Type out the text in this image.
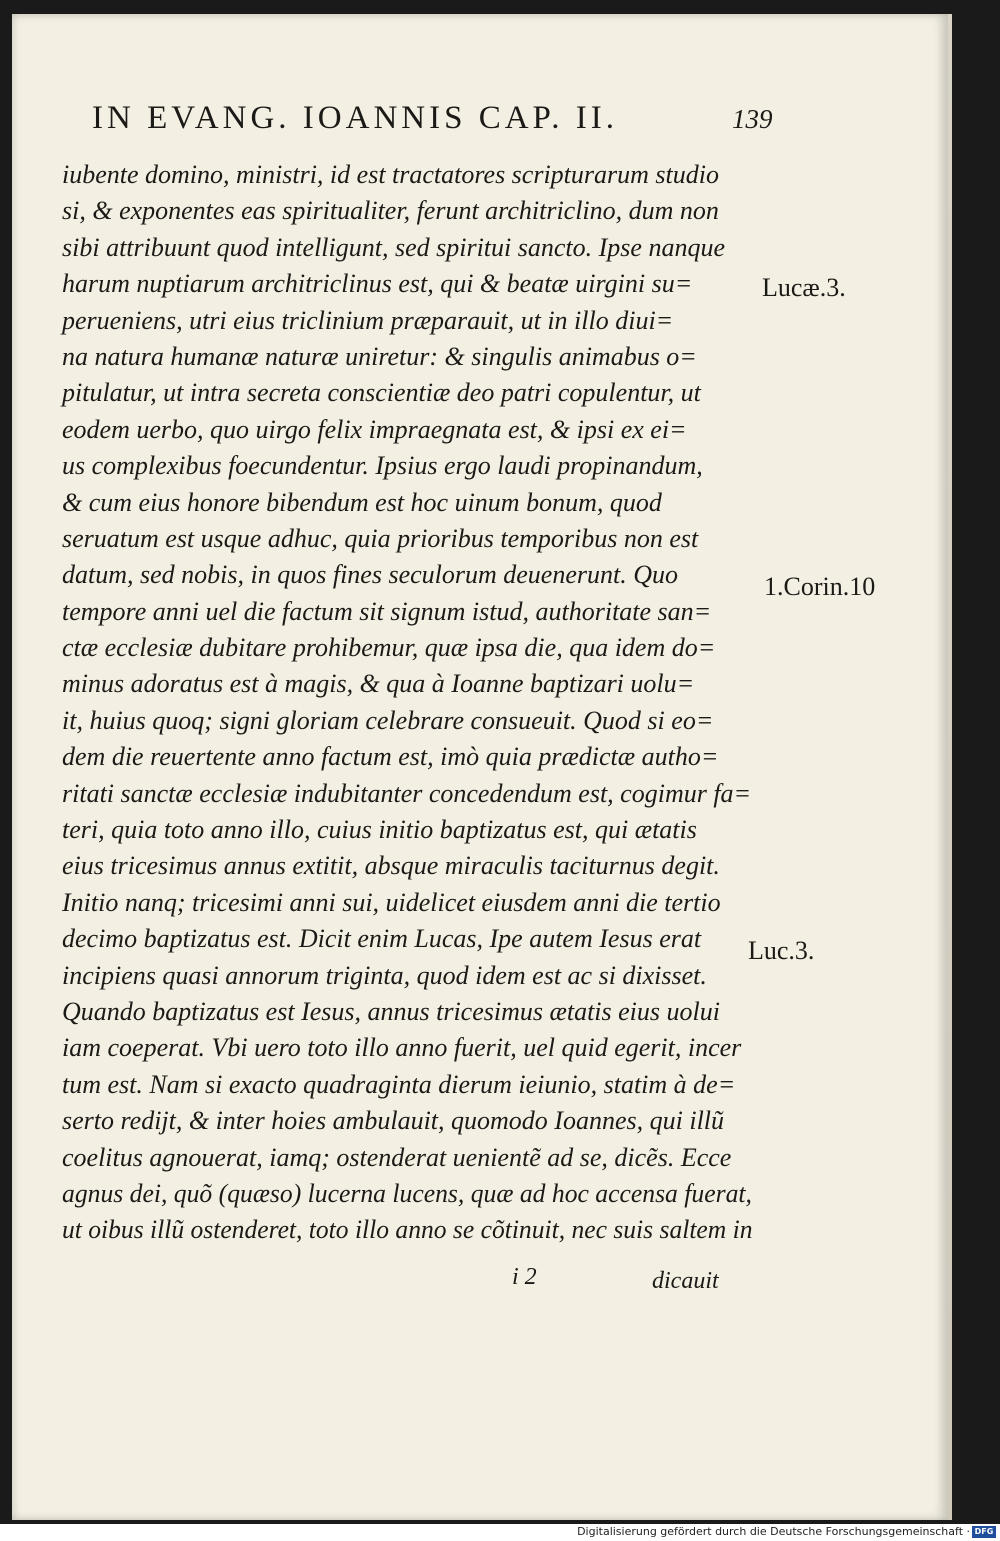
IN EVANG. IOANNIS CAP. II.	139
iubente domino, ministri, id est tractatores scripturarum studio
si, & exponentes eas spiritualiter, ferunt architriclino, dum non
sibi attribuunt quod intelligunt, sed spiritui sancto. Ipse nanque
harum nuptiarum architriclinus est, qui & beatæ uirgini su=
perueniens, utri eius triclinium præparauit, ut in illo diui=
na natura humanæ naturæ uniretur: & singulis animabus o=
pitulatur, ut intra secreta conscientiæ deo patri copulentur, ut
eodem uerbo, quo uirgo felix impraegnata est, & ipsi ex ei=
us complexibus foecundentur. Ipsius ergo laudi propinandum,
& cum eius honore bibendum est hoc uinum bonum, quod
seruatum est usque adhuc, quia prioribus temporibus non est
datum, sed nobis, in quos fines seculorum deuenerunt. Quo
tempore anni uel die factum sit signum istud, authoritate san=
ctæ ecclesiæ dubitare prohibemur, quæ ipsa die, qua idem do=
minus adoratus est à magis, & qua à Ioanne baptizari uolu=
it, huius quoq; signi gloriam celebrare consueuit. Quod si eo=
dem die reuertente anno factum est, imò quia prædictæ autho=
ritati sanctæ ecclesiæ indubitanter concedendum est, cogimur fa=
teri, quia toto anno illo, cuius initio baptizatus est, qui ætatis
eius tricesimus annus extitit, absque miraculis taciturnus degit.
Initio nanq; tricesimi anni sui, uidelicet eiusdem anni die tertio
decimo baptizatus est. Dicit enim Lucas, Ipe autem Iesus erat
incipiens quasi annorum triginta, quod idem est ac si dixisset.
Quando baptizatus est Iesus, annus tricesimus ætatis eius uolui
iam coeperat. Vbi uero toto illo anno fuerit, uel quid egerit, incer
tum est. Nam si exacto quadraginta dierum ieiunio, statim à de=
serto redijt, & inter hoies ambulauit, quomodo Ioannes, qui illũ
coelitus agnouerat, iamq; ostenderat uenientẽ ad se, dicẽs. Ecce
agnus dei, quõ (quæso) lucerna lucens, quæ ad hoc accensa fuerat,
ut oibus illũ ostenderet, toto illo anno se cõtinuit, nec suis saltem in
Lucæ.3.
1.Corin.10
Luc.3.
i 2	dicauit
Digitalisierung gefördert durch die Deutsche Forschungsgemeinschaft · DFG
